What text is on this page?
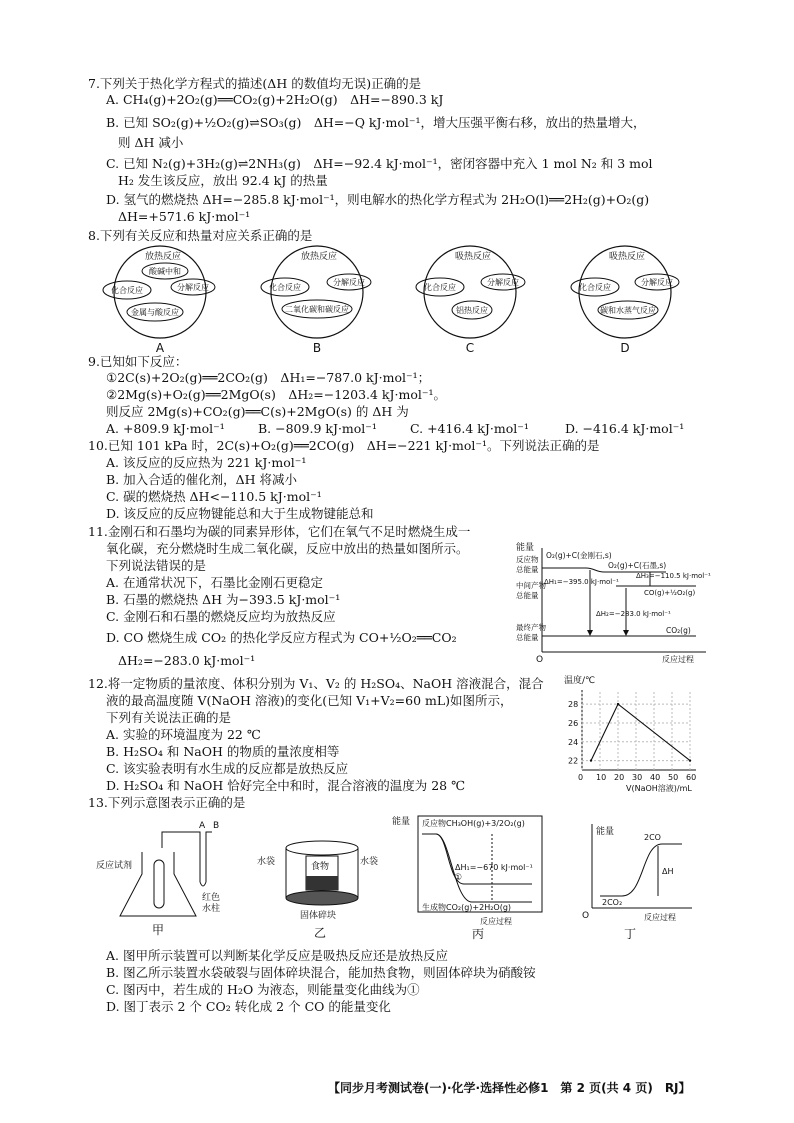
7.下列关于热化学方程式的描述(ΔH 的数值均无误)正确的是
A. CH₄(g)+2O₂(g)══CO₂(g)+2H₂O(g)　ΔH=−890.3 kJ
B. 已知 SO₂(g)+½O₂(g)⇌SO₃(g)　ΔH=−Q kJ·mol⁻¹，增大压强平衡右移，放出的热量增大，
则 ΔH 减小
C. 已知 N₂(g)+3H₂(g)⇌2NH₃(g)　ΔH=−92.4 kJ·mol⁻¹，密闭容器中充入 1 mol N₂ 和 3 mol
H₂ 发生该反应，放出 92.4 kJ 的热量
D. 氢气的燃烧热 ΔH=−285.8 kJ·mol⁻¹，则电解水的热化学方程式为 2H₂O(l)══2H₂(g)+O₂(g)
ΔH=+571.6 kJ·mol⁻¹
8.下列有关反应和热量对应关系正确的是
放热反应
酸碱中和
化合反应	分解反应
金属与酸反应
A
放热反应
化合反应
分解反应
二氧化碳和碳反应
B
吸热反应
化合反应
分解反应
铝热反应
C
吸热反应
化合反应
分解反应
碳和水蒸气反应
D
9.已知如下反应：
①2C(s)+2O₂(g)══2CO₂(g)　ΔH₁=−787.0 kJ·mol⁻¹；
②2Mg(s)+O₂(g)══2MgO(s)　ΔH₂=−1203.4 kJ·mol⁻¹。
则反应 2Mg(s)+CO₂(g)══C(s)+2MgO(s) 的 ΔH 为
A. +809.9 kJ·mol⁻¹	B. −809.9 kJ·mol⁻¹	C. +416.4 kJ·mol⁻¹	D. −416.4 kJ·mol⁻¹
10.已知 101 kPa 时，2C(s)+O₂(g)══2CO(g)　ΔH=−221 kJ·mol⁻¹。下列说法正确的是
A. 该反应的反应热为 221 kJ·mol⁻¹
B. 加入合适的催化剂，ΔH 将减小
C. 碳的燃烧热 ΔH<−110.5 kJ·mol⁻¹
D. 该反应的反应物键能总和大于生成物键能总和
11.金刚石和石墨均为碳的同素异形体，它们在氧气不足时燃烧生成一
氧化碳，充分燃烧时生成二氧化碳，反应中放出的热量如图所示。
下列说法错误的是
A. 在通常状况下，石墨比金刚石更稳定
B. 石墨的燃烧热 ΔH 为−393.5 kJ·mol⁻¹
C. 金刚石和石墨的燃烧反应均为放热反应
D. CO 燃烧生成 CO₂ 的热化学反应方程式为 CO+½O₂══CO₂
ΔH₂=−283.0 kJ·mol⁻¹
能量
反应物
总能量
O₂(g)+C(金刚石,s)
O₂(g)+C(石墨,s)
中间产物
总能量
ΔH₁=−395.0 kJ·mol⁻¹
ΔH₃=−110.5 kJ·mol⁻¹
CO(g)+½O₂(g)
ΔH₂=−283.0 kJ·mol⁻¹
最终产物
总能量
CO₂(g)
O	反应过程
12.将一定物质的量浓度、体积分别为 V₁、V₂ 的 H₂SO₄、NaOH 溶液混合，混合
液的最高温度随 V(NaOH 溶液)的变化(已知 V₁+V₂=60 mL)如图所示，
下列有关说法正确的是
A. 实验的环境温度为 22 ℃
B. H₂SO₄ 和 NaOH 的物质的量浓度相等
C. 该实验表明有水生成的反应都是放热反应
D. H₂SO₄ 和 NaOH 恰好完全中和时，混合溶液的温度为 28 ℃
温度/℃
22
24
26
28
0 10 20 30 40 50 60
V(NaOH溶液)/mL
13.下列示意图表示正确的是
A B
反应试剂
红色
水柱
甲
食物
水袋	水袋
固体碎块
乙
能量 反应物CH₃OH(g)+3/2O₂(g)
ΔH₁=−670 kJ·mol⁻¹
①
生成物CO₂(g)+2H₂O(g)
反应过程
丙
能量
2CO
ΔH
2CO₂
O	反应过程
丁
A. 图甲所示装置可以判断某化学反应是吸热反应还是放热反应
B. 图乙所示装置水袋破裂与固体碎块混合，能加热食物，则固体碎块为硝酸铵
C. 图丙中，若生成的 H₂O 为液态，则能量变化曲线为①
D. 图丁表示 2 个 CO₂ 转化成 2 个 CO 的能量变化
【同步月考测试卷(一)·化学·选择性必修1　第 2 页(共 4 页)　RJ】
